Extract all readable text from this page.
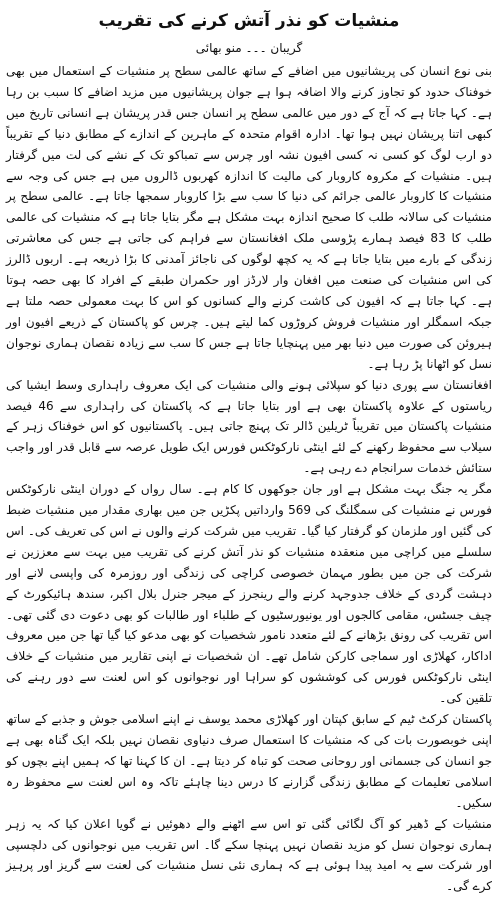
منشیات کو نذر آتش کرنے کی تقریب
گریبان ۔۔۔ منو بھائی

بنی نوع انسان کی پریشانیوں میں اضافے کے ساتھ عالمی سطح پر منشیات کے استعمال میں بھی خوفناک حدود کو تجاوز کرنے والا اضافہ ہوا ہے جوان پریشانیوں میں مزید اضافے کا سبب بن رہا ہے۔ کہا جاتا ہے کہ آج کے دور میں عالمی سطح پر انسان جس قدر پریشان ہے انسانی تاریخ میں کبھی اتنا پریشان نہیں ہوا تھا۔ ادارہ اقوام متحدہ کے ماہرین کے اندازے کے مطابق دنیا کے تقریباً دو ارب لوگ کو کسی نہ کسی افیون نشہ اور چرس سے تمباکو تک کے نشے کی لت میں گرفتار ہیں۔ منشیات کے مکروہ کاروبار کی مالیت کا اندازہ کھربوں ڈالروں میں ہے جس کی وجہ سے منشیات کا کاروبار عالمی جرائم کی دنیا کا سب سے بڑا کاروبار سمجھا جاتا ہے۔ عالمی سطح پر منشیات کی سالانہ طلب کا صحیح اندازہ بہت مشکل ہے مگر بتایا جاتا ہے کہ منشیات کی عالمی طلب کا 83 فیصد ہمارے پڑوسی ملک افغانستان سے فراہم کی جاتی ہے جس کی معاشرتی زندگی کے بارے میں بتایا جاتا ہے کہ یہ کچھ لوگوں کی ناجائز آمدنی کا بڑا ذریعہ ہے۔ اربوں ڈالرز کی اس منشیات کی صنعت میں افغان وار لارڈز اور حکمران طبقے کے افراد کا بھی حصہ ہوتا ہے۔ کہا جاتا ہے کہ افیون کی کاشت کرنے والے کسانوں کو اس کا بہت معمولی حصہ ملتا ہے جبکہ اسمگلر اور منشیات فروش کروڑوں کما لیتے ہیں۔ چرس کو پاکستان کے ذریعے افیون اور ہیروئن کی صورت میں دنیا بھر میں پہنچایا جاتا ہے جس کا سب سے زیادہ نقصان ہماری نوجوان نسل کو اٹھانا پڑ رہا ہے۔

افغانستان سے پوری دنیا کو سپلائی ہونے والی منشیات کی ایک معروف راہداری وسط ایشیا کی ریاستوں کے علاوہ پاکستان بھی ہے اور بتایا جاتا ہے کہ پاکستان کی راہداری سے 46 فیصد منشیات پاکستان میں تقریباً ٹریلین ڈالر تک پہنچ جاتی ہیں۔ پاکستانیوں کو اس خوفناک زہر کے سیلاب سے محفوظ رکھنے کے لئے اینٹی نارکوٹکس فورس ایک طویل عرصہ سے قابل قدر اور واجب ستائش خدمات سرانجام دے رہی ہے۔

مگر یہ جنگ بہت مشکل ہے اور جان جوکھوں کا کام ہے۔ سال رواں کے دوران اینٹی نارکوٹکس فورس نے منشیات کی سمگلنگ کی 569 وارداتیں پکڑیں جن میں بھاری مقدار میں منشیات ضبط کی گئیں اور ملزمان کو گرفتار کیا گیا۔ تقریب میں شرکت کرنے والوں نے اس کی تعریف کی۔ اس سلسلے میں کراچی میں منعقدہ منشیات کو نذر آتش کرنے کی تقریب میں بہت سے معززین نے شرکت کی جن میں بطور مہمان خصوصی کراچی کی زندگی اور روزمرہ کی واپسی لانے اور دہشت گردی کے خلاف جدوجہد کرنے والے رینجرز کے میجر جنرل بلال اکبر، سندھ ہائیکورٹ کے چیف جسٹس، مقامی کالجوں اور یونیورسٹیوں کے طلباء اور طالبات کو بھی دعوت دی گئی تھی۔ اس تقریب کی رونق بڑھانے کے لئے متعدد نامور شخصیات کو بھی مدعو کیا گیا تھا جن میں معروف اداکار، کھلاڑی اور سماجی کارکن شامل تھے۔ ان شخصیات نے اپنی تقاریر میں منشیات کے خلاف اینٹی نارکوٹکس فورس کی کوششوں کو سراہا اور نوجوانوں کو اس لعنت سے دور رہنے کی تلقین کی۔

پاکستان کرکٹ ٹیم کے سابق کپتان اور کھلاڑی محمد یوسف نے اپنے اسلامی جوش و جذبے کے ساتھ اپنی خوبصورت بات کی کہ منشیات کا استعمال صرف دنیاوی نقصان نہیں بلکہ ایک گناہ بھی ہے جو انسان کی جسمانی اور روحانی صحت کو تباہ کر دیتا ہے۔ ان کا کہنا تھا کہ ہمیں اپنے بچوں کو اسلامی تعلیمات کے مطابق زندگی گزارنے کا درس دینا چاہئے تاکہ وہ اس لعنت سے محفوظ رہ سکیں۔

منشیات کے ڈھیر کو آگ لگائی گئی تو اس سے اٹھنے والے دھوئیں نے گویا اعلان کیا کہ یہ زہر ہماری نوجوان نسل کو مزید نقصان نہیں پہنچا سکے گا۔ اس تقریب میں نوجوانوں کی دلچسپی اور شرکت سے یہ امید پیدا ہوئی ہے کہ ہماری نئی نسل منشیات کی لعنت سے گریز اور پرہیز کرے گی۔
